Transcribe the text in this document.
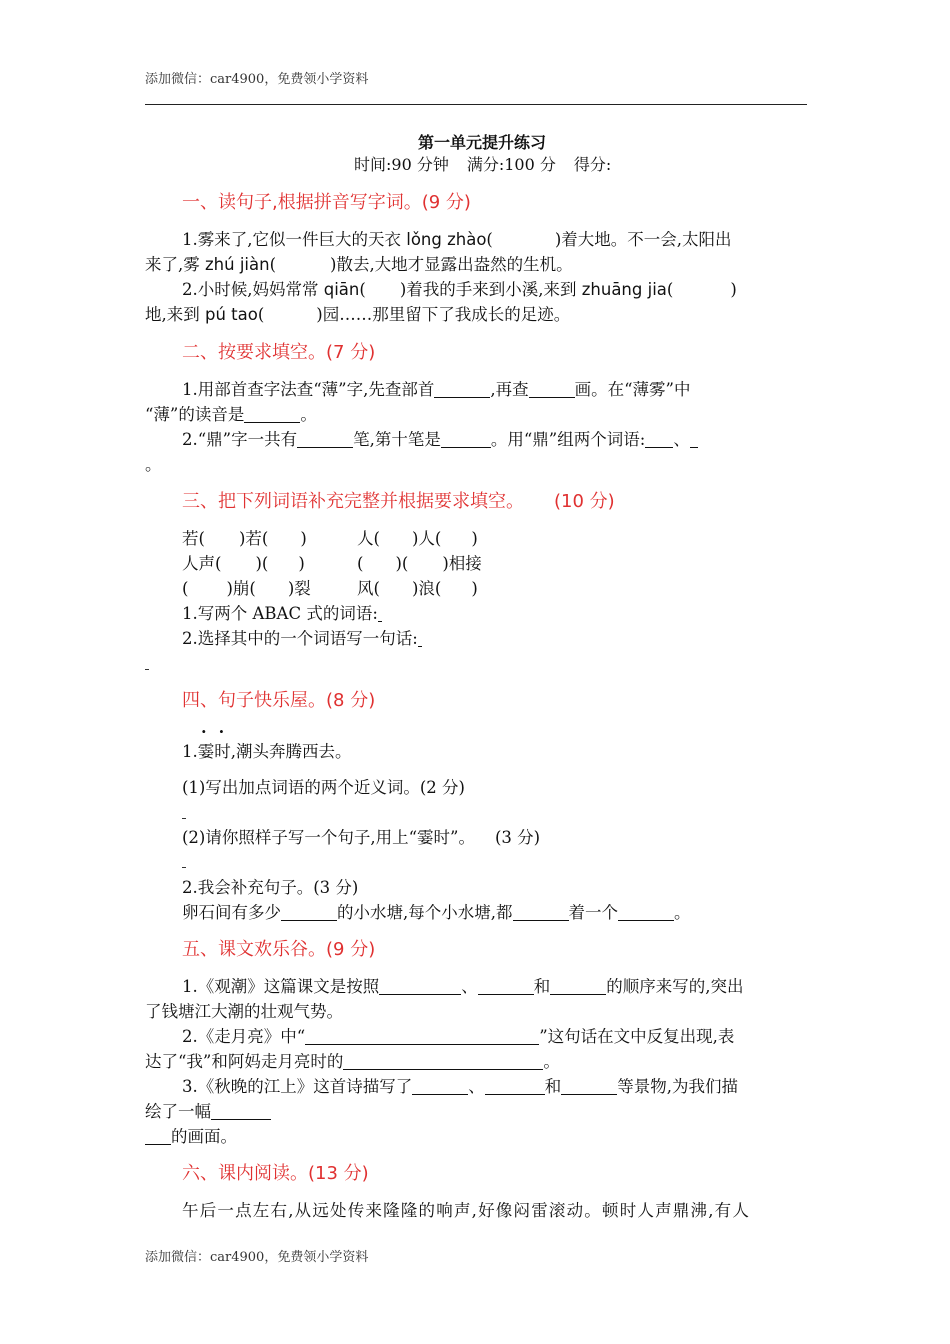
添加微信：car4900，免费领小学资料
第一单元提升练习
时间:90 分钟 满分:100 分 得分:
一、读句子,根据拼音写字词。(9 分)
1.雾来了,它似一件巨大的天衣 lǒng zhào(	)着大地。不一会,太阳出
来了,雾 zhú jiàn(	)散去,大地才显露出盎然的生机。
2.小时候,妈妈常常 qiān( )着我的手来到小溪,来到 zhuāng jia(	)
地,来到 pú tao(	)园……那里留下了我成长的足迹。
二、按要求填空。(7 分)
1.用部首查字法查“薄”字,先查部首	,再查	画。在“薄雾”中
“薄”的读音是	。
2.“鼎”字一共有	笔,第十笔是	。用“鼎”组两个词语: 、
。
三、把下列词语补充完整并根据要求填空。 (10 分)
若( )若( )	人( )人( )
人声( )( )	( )( )相接
( )崩( )裂	风( )浪( )
1.写两个 ABAC 式的词语:
2.选择其中的一个词语写一句话:
四、句子快乐屋。(8 分)
..
1.霎时,潮头奔腾西去。
(1)写出加点词语的两个近义词。(2 分)
(2)请你照样子写一个句子,用上“霎时”。 (3 分)
2.我会补充句子。(3 分)
卵石间有多少	的小水塘,每个小水塘,都	着一个	。
五、课文欢乐谷。(9 分)
1.《观潮》这篇课文是按照	、	和	的顺序来写的,突出
了钱塘江大潮的壮观气势。
2.《走月亮》中“	”这句话在文中反复出现,表
达了“我”和阿妈走月亮时的	。
3.《秋晚的江上》这首诗描写了	、	和	等景物,为我们描
绘了一幅
的画面。
六、课内阅读。(13 分)
午后一点左右,从远处传来隆隆的响声,好像闷雷滚动。顿时人声鼎沸,有人
添加微信：car4900，免费领小学资料
